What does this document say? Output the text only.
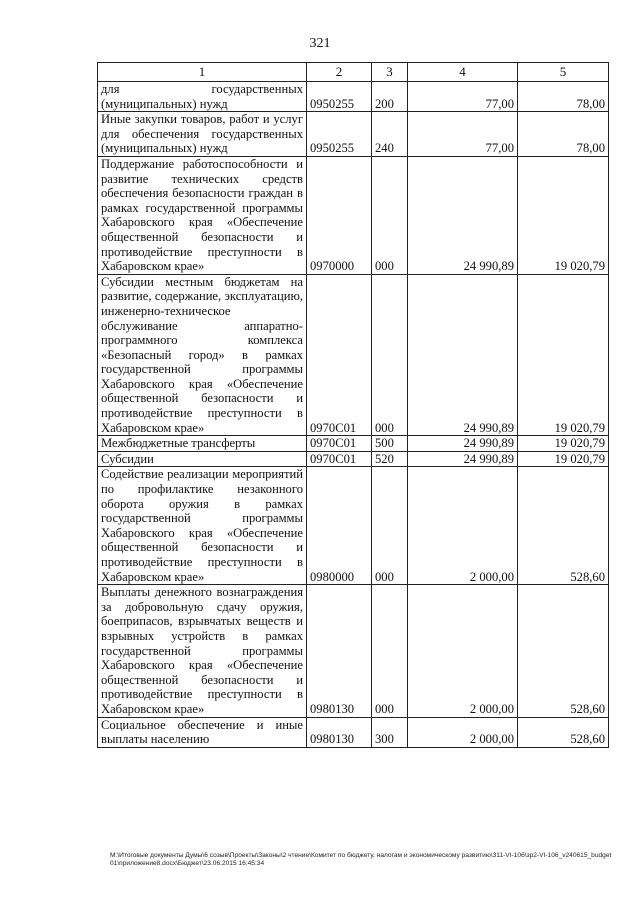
321
1	2	3	4	5
для государственных (муниципальных) нужд	0950255	200	77,00	78,00
Иные закупки товаров, работ и услуг для обеспечения государственных (муниципальных) нужд	0950255	240	77,00	78,00
Поддержание работоспособности и развитие технических средств обеспечения безопасности граждан в рамках государственной программы Хабаровского края «Обеспечение общественной безопасности и противодействие преступности в Хабаровском крае»	0970000	000	24 990,89	19 020,79
Субсидии местным бюджетам на развитие, содержание, эксплуатацию, инженерно-техническое обслуживание аппаратно-программного комплекса «Безопасный город» в рамках государственной программы Хабаровского края «Обеспечение общественной безопасности и противодействие преступности в Хабаровском крае»	0970С01	000	24 990,89	19 020,79
Межбюджетные трансферты	0970С01	500	24 990,89	19 020,79
Субсидии	0970С01	520	24 990,89	19 020,79
Содействие реализации мероприятий по профилактике незаконного оборота оружия в рамках государственной программы Хабаровского края «Обеспечение общественной безопасности и противодействие преступности в Хабаровском крае»	0980000	000	2 000,00	528,60
Выплаты денежного вознаграждения за добровольную сдачу оружия, боеприпасов, взрывчатых веществ и взрывных устройств в рамках государственной программы Хабаровского края «Обеспечение общественной безопасности и противодействие преступности в Хабаровском крае»	0980130	000	2 000,00	528,60
Социальное обеспечение и иные выплаты населению	0980130	300	2 000,00	528,60
M:\Итоговые документы Думы\6 созыв\Проекты\Законы\2 чтение\Комитет по бюджету, налогам и экономическому развитию\311-VI-106\зр2-VI-106_v240615_budget01\приложение8.docx\Бюджет\23.06.2015 16:45:34
